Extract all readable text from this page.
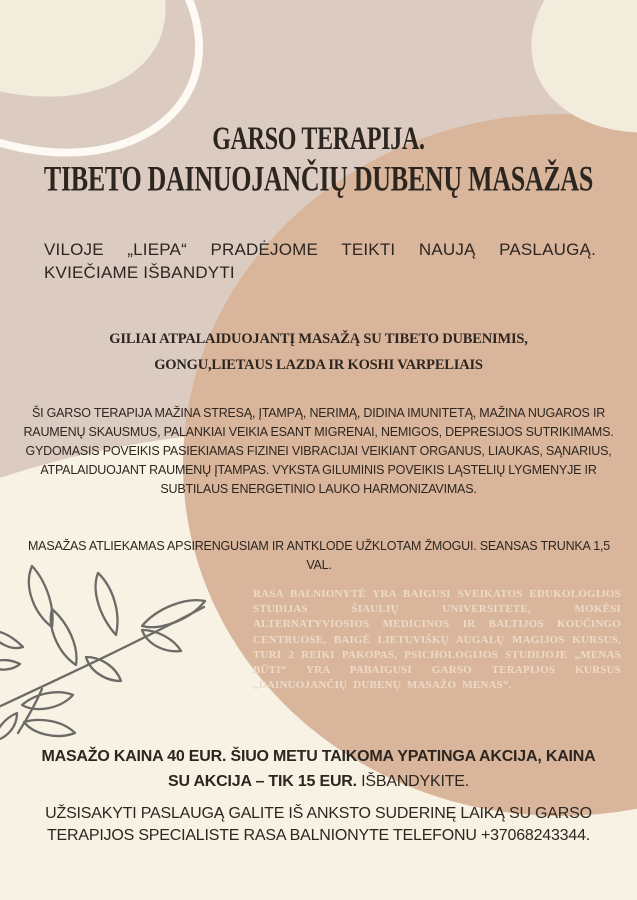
GARSO TERAPIJA.
TIBETO DAINUOJANČIŲ DUBENŲ MASAŽAS
VILOJE „LIEPA“ PRADĖJOME TEIKTI NAUJĄ PASLAUGĄ.
KVIEČIAME IŠBANDYTI
GILIAI ATPALAIDUOJANTĮ MASAŽĄ SU TIBETO DUBENIMIS,
GONGU,LIETAUS LAZDA IR KOSHI VARPELIAIS
ŠI GARSO TERAPIJA MAŽINA STRESĄ, ĮTAMPĄ, NERIMĄ, DIDINA IMUNITETĄ, MAŽINA NUGAROS IR RAUMENŲ SKAUSMUS, PALANKIAI VEIKIA ESANT MIGRENAI, NEMIGOS, DEPRESIJOS SUTRIKIMAMS. GYDOMASIS POVEIKIS PASIEKIAMAS FIZINEI VIBRACIJAI VEIKIANT ORGANUS, LIAUKAS, SĄNARIUS, ATPALAIDUOJANT RAUMENŲ ĮTAMPAS. VYKSTA GILUMINIS POVEIKIS LĄSTELIŲ LYGMENYJE IR SUBTILAUS ENERGETINIO LAUKO HARMONIZAVIMAS.
MASAŽAS ATLIEKAMAS APSIRENGUSIAM IR ANTKLODE UŽKLOTAM ŽMOGUI. SEANSAS TRUNKA 1,5 VAL.
RASA BALNIONYTĖ YRA BAIGUSI SVEIKATOS EDUKOLOGIJOS STUDIJAS ŠIAULIŲ UNIVERSITETE, MOKĖSI ALTERNATYVIOSIOS MEDICINOS IR BALTIJOS KOUČINGO CENTRUOSE, BAIGĖ LIETUVIŠKŲ AUGALŲ MAGIJOS KURSUS, TURI 2 REIKI PAKOPAS, PSICHOLOGIJOS STUDIJOJE „MENAS BŪTI“ YRA PABAIGUSI GARSO TERAPIJOS KURSUS „DAINUOJANČIŲ DUBENŲ MASAŽO MENAS“.
MASAŽO KAINA 40 EUR. ŠIUO METU TAIKOMA YPATINGA AKCIJA, KAINA SU AKCIJA – TIK 15 EUR. IŠBANDYKITE.
UŽSISAKYTI PASLAUGĄ GALITE IŠ ANKSTO SUDERINĘ LAIKĄ SU GARSO TERAPIJOS SPECIALISTE RASA BALNIONYTE TELEFONU +37068243344.
